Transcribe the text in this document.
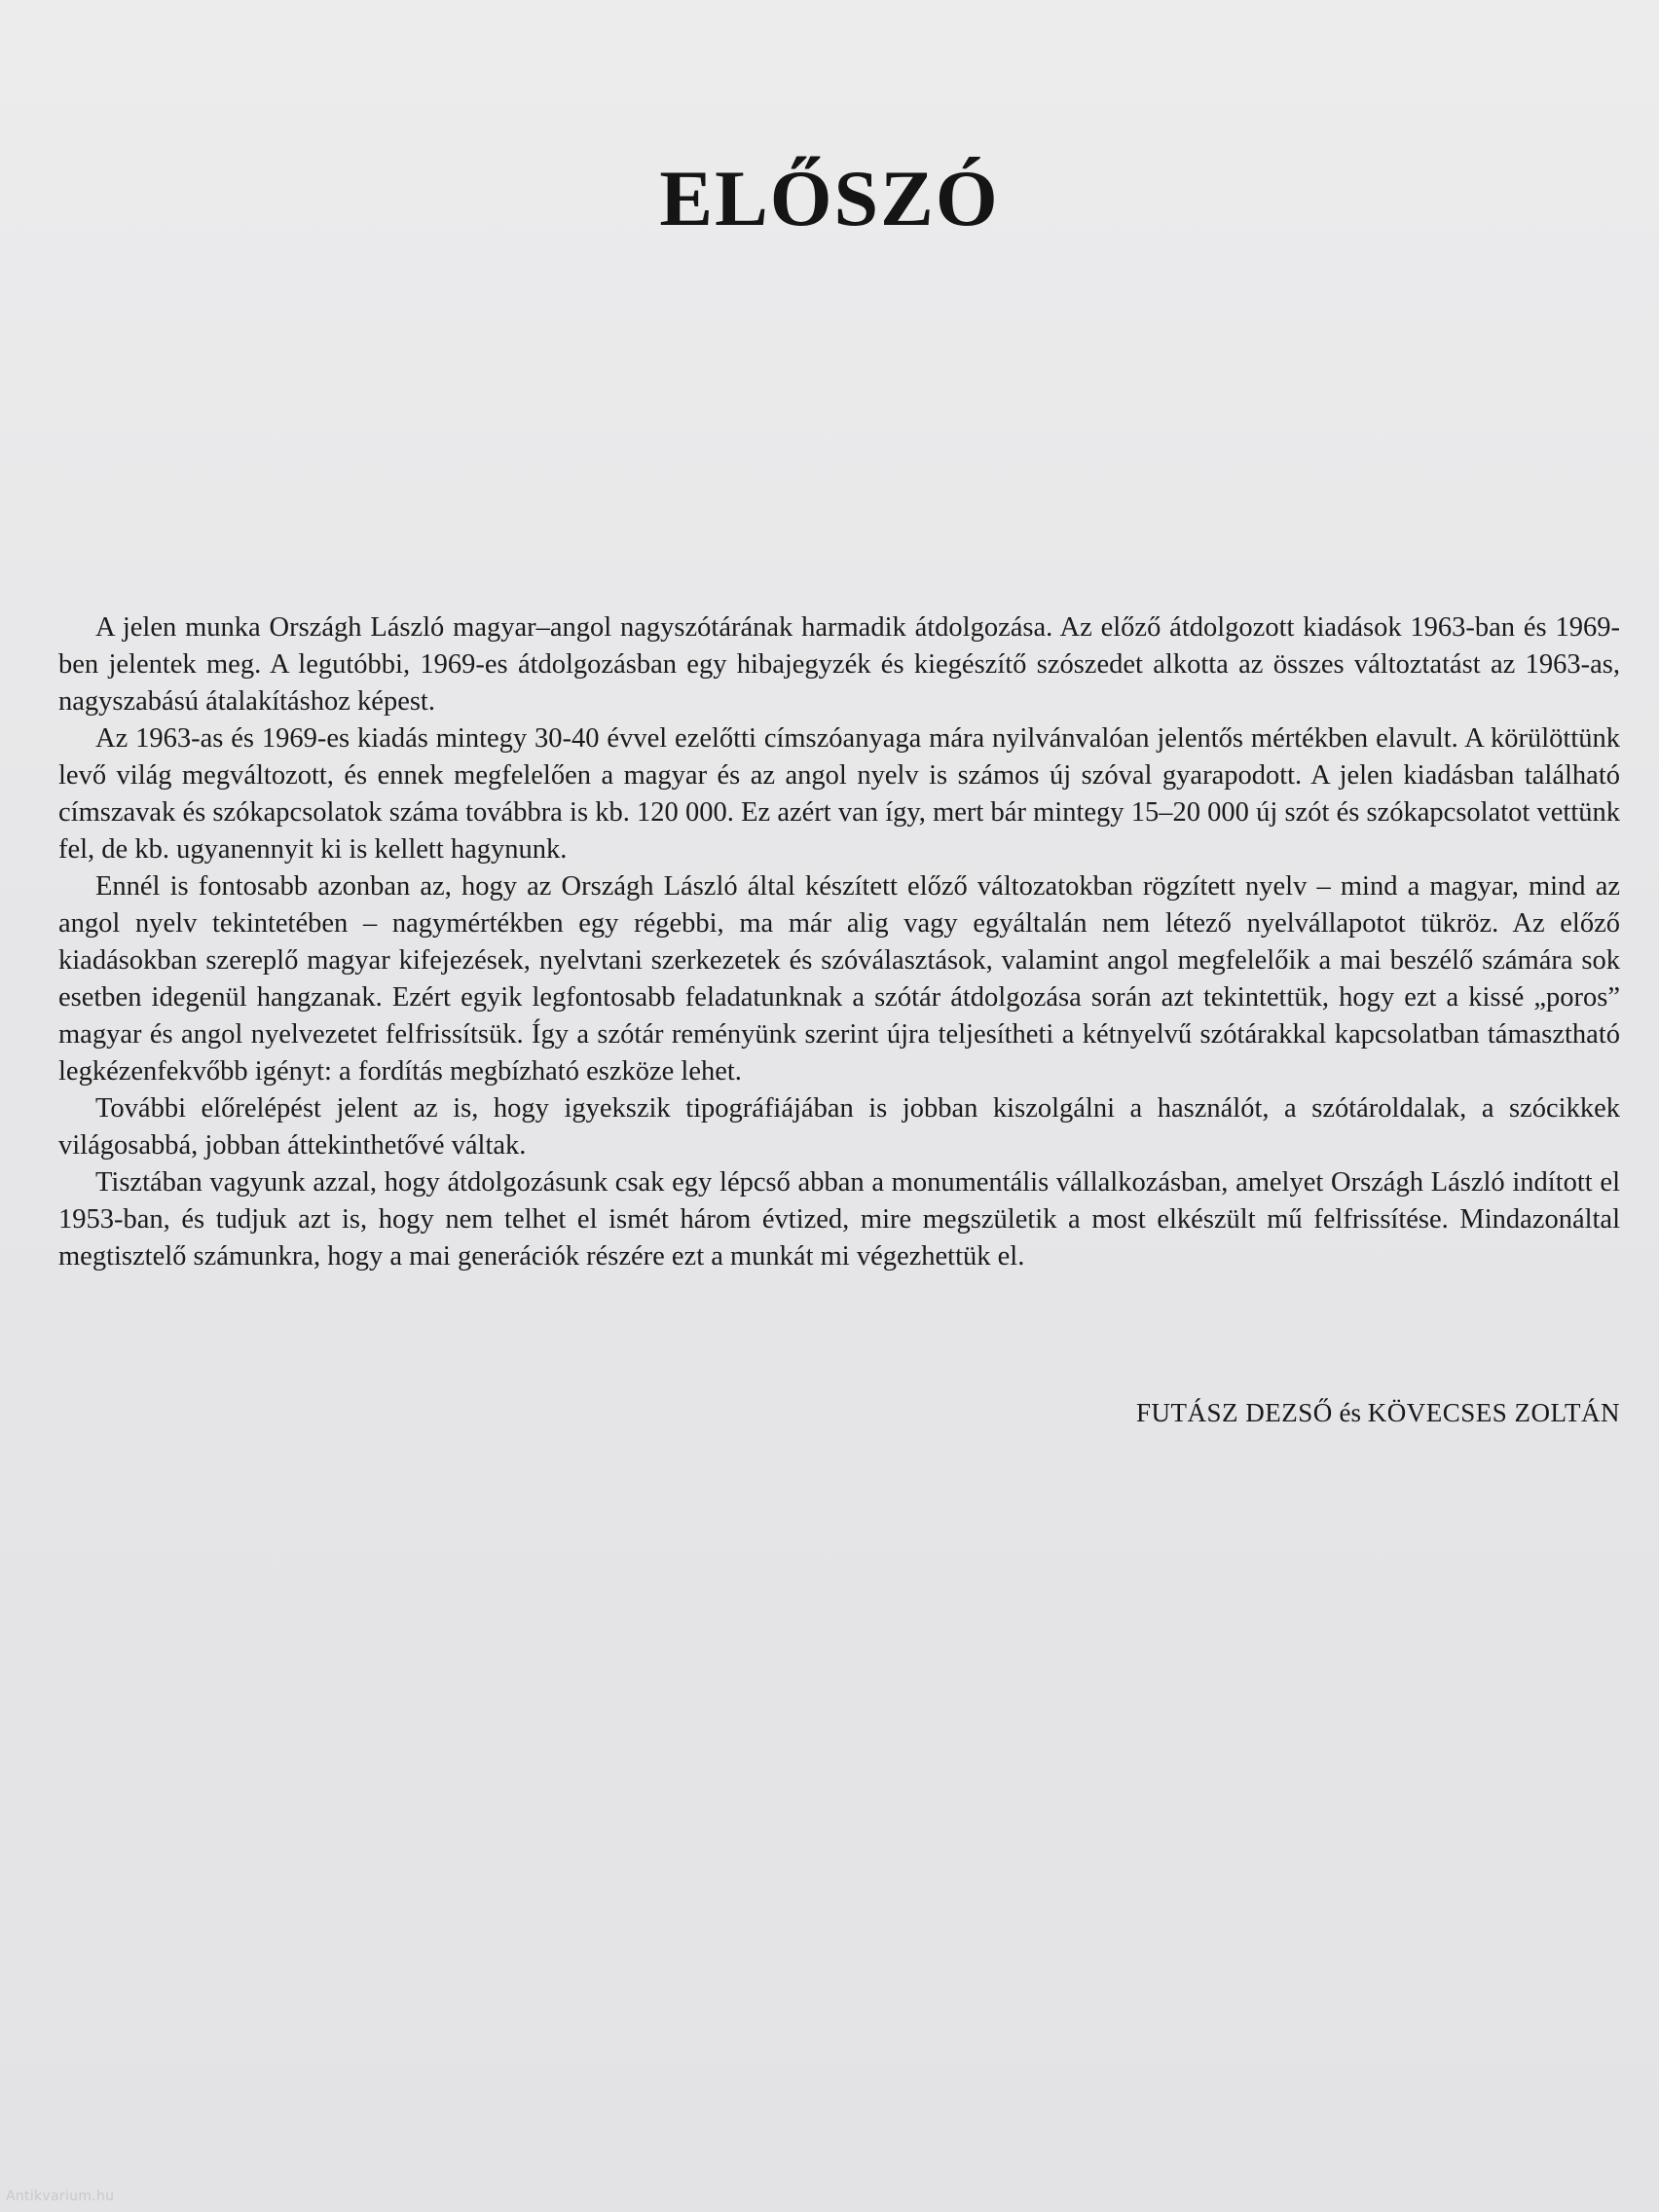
ELŐSZÓ

A jelen munka Országh László magyar–angol nagyszótárának harmadik átdolgozása. Az előző átdolgozott kiadások 1963-ban és 1969-ben jelentek meg. A legutóbbi, 1969-es átdolgozásban egy hibajegyzék és kiegészítő szószedet alkotta az összes változtatást az 1963-as, nagyszabású átalakításhoz képest.

Az 1963-as és 1969-es kiadás mintegy 30-40 évvel ezelőtti címszóanyaga mára nyilvánvalóan jelentős mértékben elavult. A körülöttünk levő világ megváltozott, és ennek megfelelően a magyar és az angol nyelv is számos új szóval gyarapodott. A jelen kiadásban található címszavak és szókapcsolatok száma továbbra is kb. 120 000. Ez azért van így, mert bár mintegy 15–20 000 új szót és szókapcsolatot vettünk fel, de kb. ugyanennyit ki is kellett hagynunk.

Ennél is fontosabb azonban az, hogy az Országh László által készített előző változatokban rögzített nyelv – mind a magyar, mind az angol nyelv tekintetében – nagymértékben egy régebbi, ma már alig vagy egyáltalán nem létező nyelvállapotot tükröz. Az előző kiadásokban szereplő magyar kifejezések, nyelvtani szerkezetek és szóválasztások, valamint angol megfelelőik a mai beszélő számára sok esetben idegenül hangzanak. Ezért egyik legfontosabb feladatunknak a szótár átdolgozása során azt tekintettük, hogy ezt a kissé „poros” magyar és angol nyelvezetet felfrissítsük. Így a szótár reményünk szerint újra teljesítheti a kétnyelvű szótárakkal kapcsolatban támasztható legkézenfekvőbb igényt: a fordítás megbízható eszköze lehet.

További előrelépést jelent az is, hogy igyekszik tipográfiájában is jobban kiszolgálni a használót, a szótároldalak, a szócikkek világosabbá, jobban áttekinthetővé váltak.

Tisztában vagyunk azzal, hogy átdolgozásunk csak egy lépcső abban a monumentális vállalkozásban, amelyet Országh László indított el 1953-ban, és tudjuk azt is, hogy nem telhet el ismét három évtized, mire megszületik a most elkészült mű felfrissítése. Mindazonáltal megtisztelő számunkra, hogy a mai generációk részére ezt a munkát mi végezhettük el.

FUTÁSZ DEZSŐ és KÖVECSES ZOLTÁN
Antikvarium.hu
